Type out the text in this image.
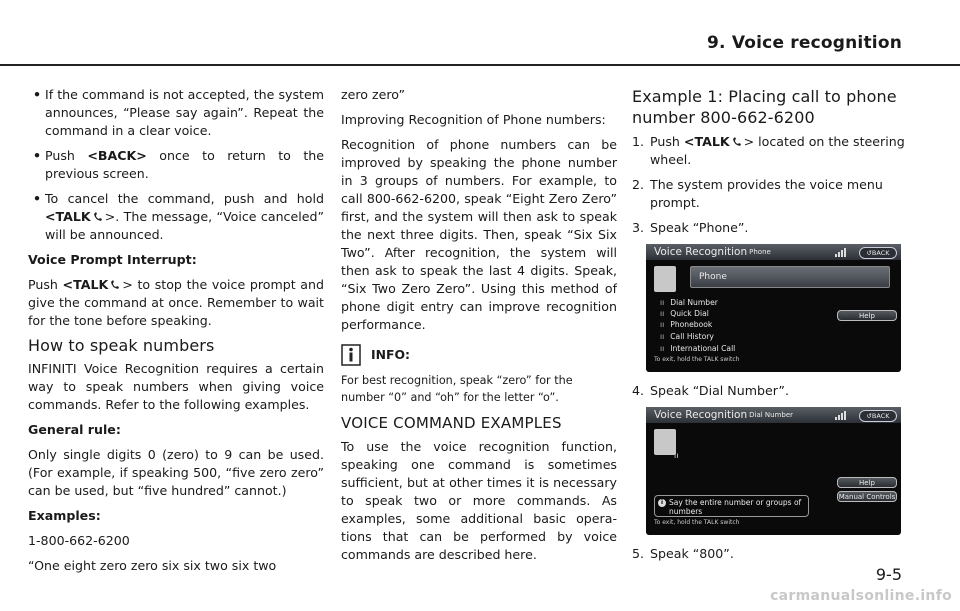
9. Voice recognition
• If the command is not accepted, the system announces, “Please say again”. Repeat the command in a clear voice.

• Push <BACK> once to return to the previous screen.

• To cancel the command, push and hold <TALK >. The message, “Voice canceled” will be announced.

Voice Prompt Interrupt:

Push <TALK > to stop the voice prompt and give the command at once. Remember to wait for the tone before speaking.

How to speak numbers

INFINITI Voice Recognition requires a certain way to speak numbers when giving voice commands. Refer to the following examples.

General rule:

Only single digits 0 (zero) to 9 can be used. (For example, if speaking 500, “five zero zero” can be used, but “five hundred” cannot.)

Examples:

1-800-662-6200

“One eight zero zero six six two six two

zero zero”

Improving Recognition of Phone numbers:

Recognition of phone numbers can be improved by speaking the phone number in 3 groups of numbers. For example, to call 800-662-6200, speak “Eight Zero Zero” first, and the system will then ask to speak the next three digits. Then, speak “Six Six Two”. After recognition, the system will then ask to speak the last 4 digits. Speak, “Six Two Zero Zero”. Using this method of phone digit entry can improve recognition performance.

INFO:

For best recognition, speak “zero” for the number “0” and “oh” for the letter “o”.

VOICE COMMAND EXAMPLES

To use the voice recognition function, speaking one command is sometimes sufficient, but at other times it is necessary to speak two or more commands. As examples, some additional basic operations that can be performed by voice commands are described here.

Example 1: Placing call to phone number 800-662-6200
1. Push <TALK > located on the steering wheel.

2. The system provides the voice menu prompt.

3. Speak “Phone”.

Voice Recognition Phone	↺ BACK
Phone
ıı Dial Number
ıı Quick Dial
ıı Phonebook
ıı Call History
ıı International Call
Help
To exit, hold the TALK switch
4. Speak “Dial Number”.

Voice Recognition Dial Number	↺ BACK
ıı
Help
Manual Controls
i Say the entire number or groups of numbers
To exit, hold the TALK switch
5. Speak “800”.

9-5
carmanualsonline.info
